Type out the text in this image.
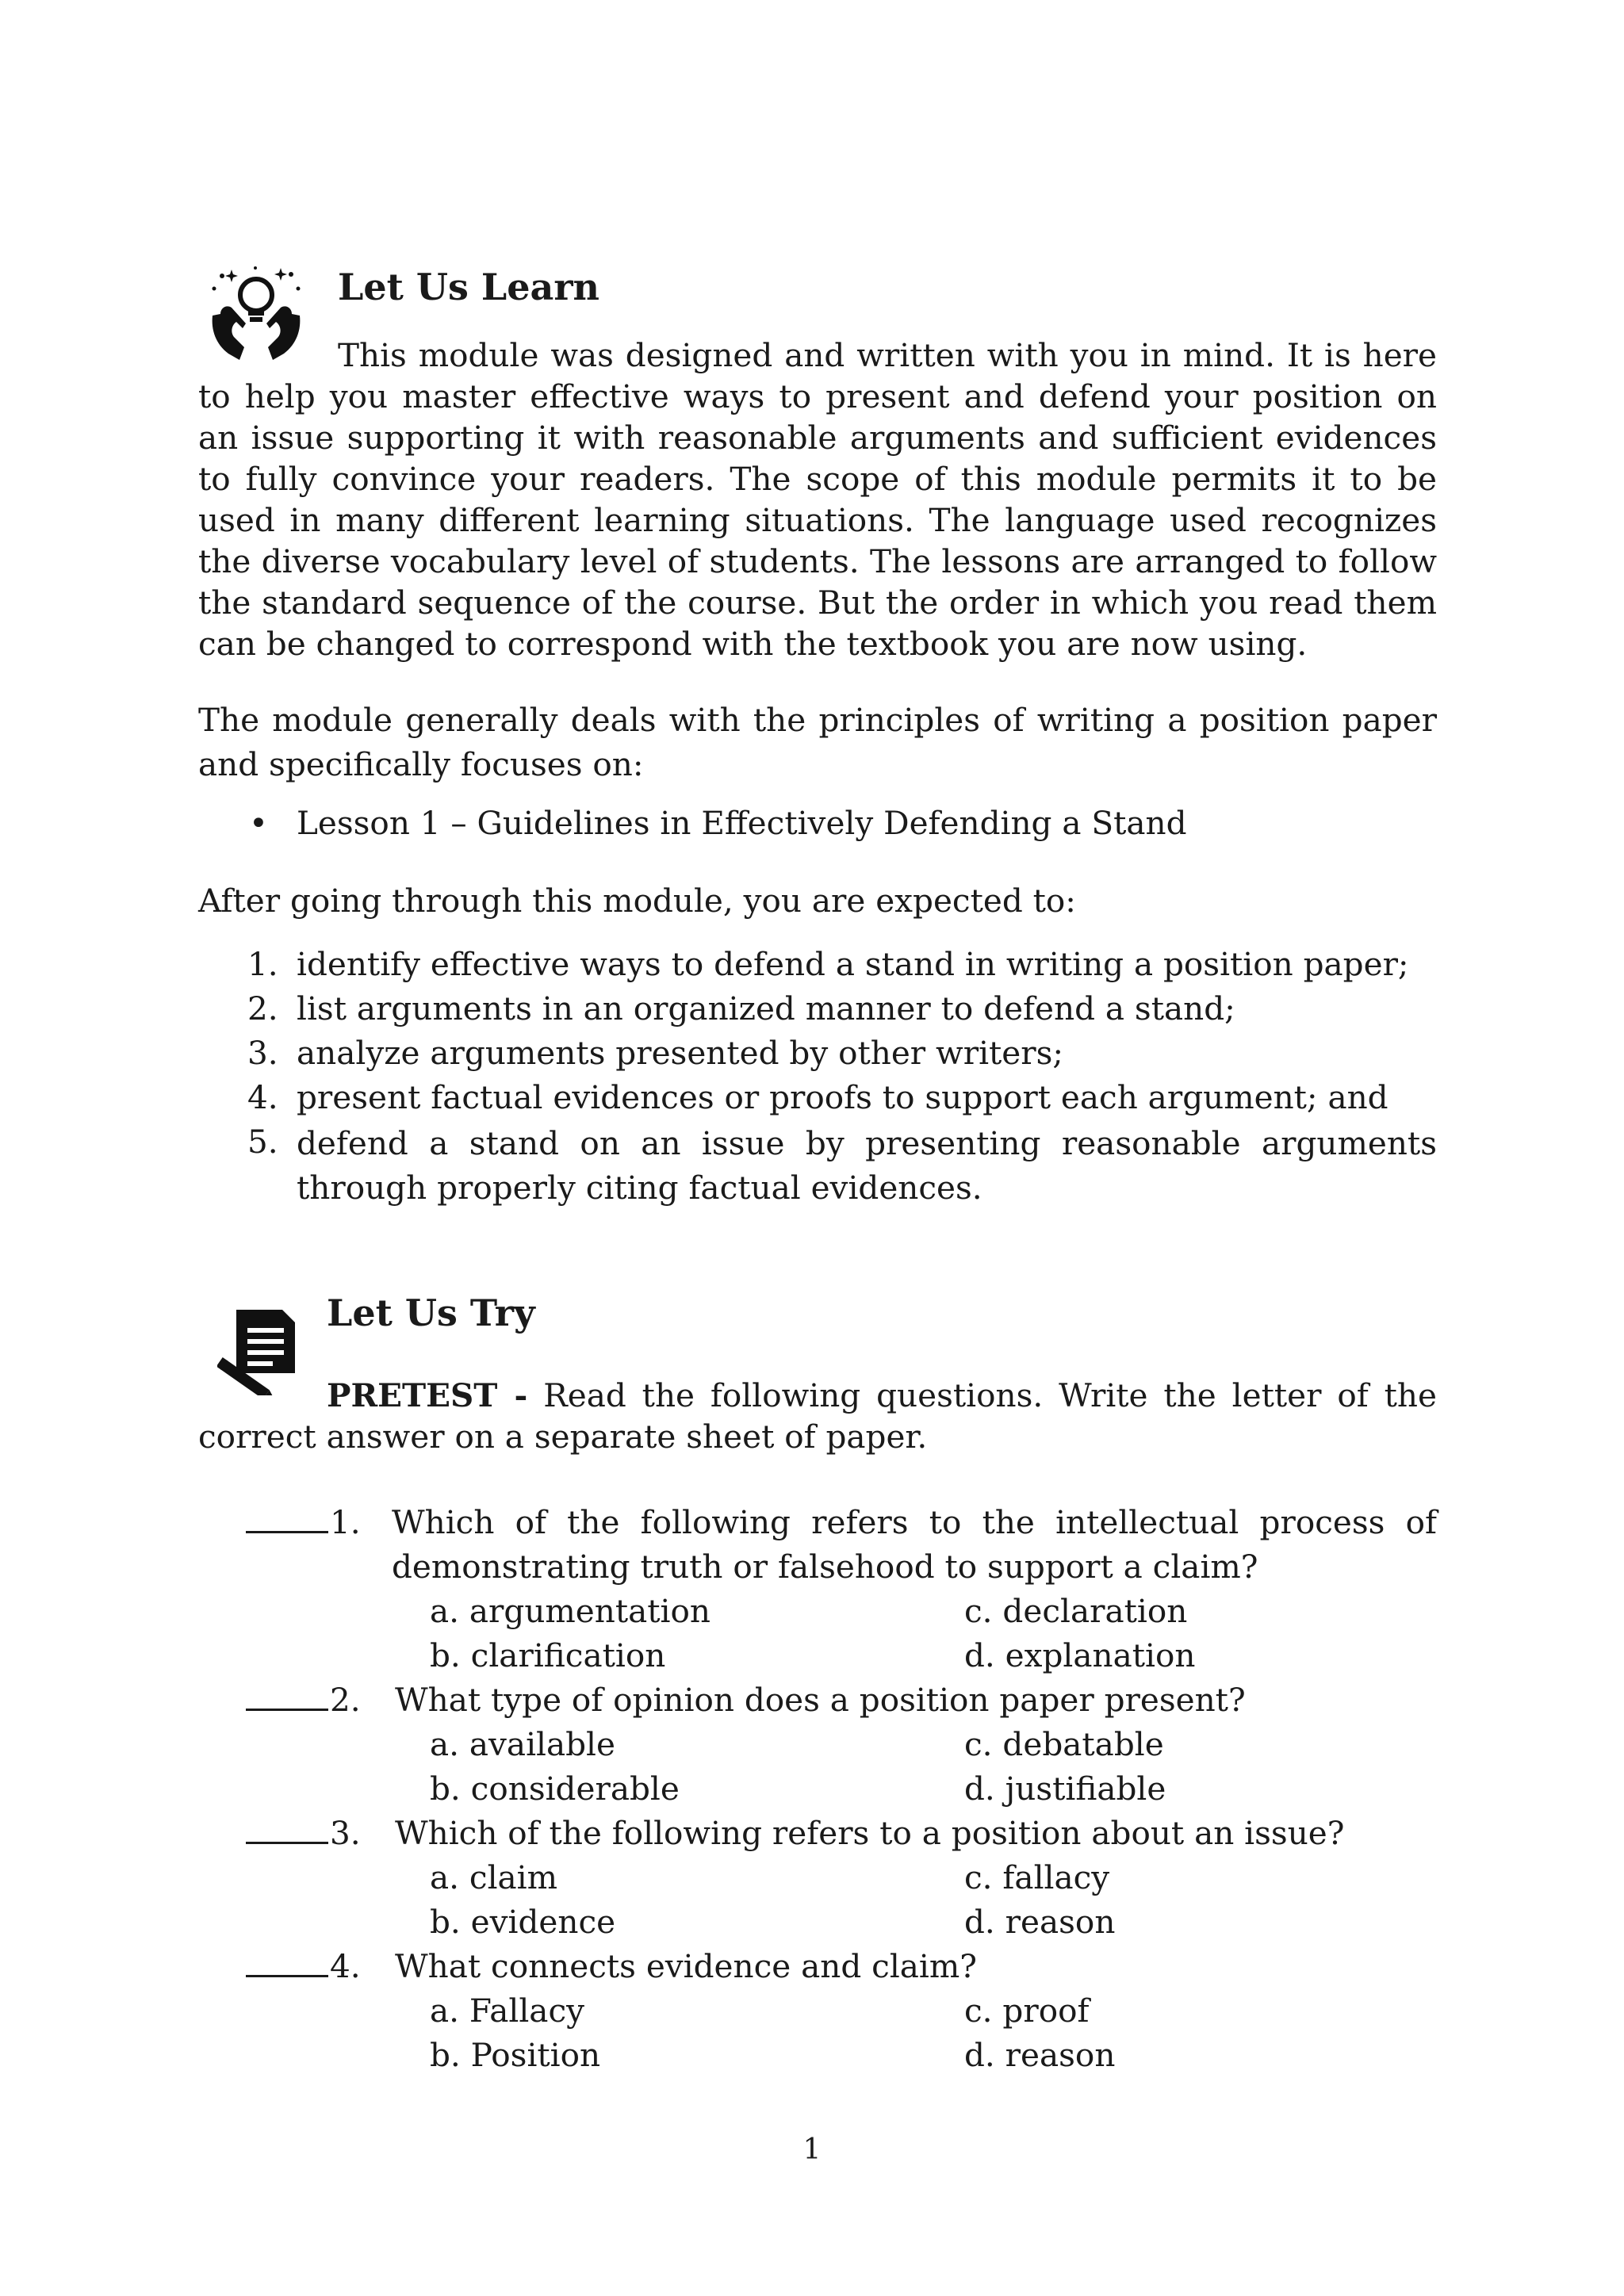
Let Us Learn

This module was designed and written with you in mind. It is here to help you master effective ways to present and defend your position on an issue supporting it with reasonable arguments and sufficient evidences to fully convince your readers. The scope of this module permits it to be used in many different learning situations. The language used recognizes the diverse vocabulary level of students. The lessons are arranged to follow the standard sequence of the course. But the order in which you read them can be changed to correspond with the textbook you are now using.

The module generally deals with the principles of writing a position paper and specifically focuses on:

• Lesson 1 – Guidelines in Effectively Defending a Stand
After going through this module, you are expected to:
1. identify effective ways to defend a stand in writing a position paper;
2. list arguments in an organized manner to defend a stand;
3. analyze arguments presented by other writers;
4. present factual evidences or proofs to support each argument; and
5. defend a stand on an issue by presenting reasonable arguments through properly citing factual evidences.

Let Us Try

PRETEST - Read the following questions. Write the letter of the correct answer on a separate sheet of paper.

1. Which of the following refers to the intellectual process of demonstrating truth or falsehood to support a claim?

a. argumentation	c. declaration
b. clarification	d. explanation
2. What type of opinion does a position paper present?
a. available	c. debatable
b. considerable	d. justifiable
3. Which of the following refers to a position about an issue?
a. claim	c. fallacy
b. evidence	d. reason
4. What connects evidence and claim?
a. Fallacy	c. proof
b. Position	d. reason
1
